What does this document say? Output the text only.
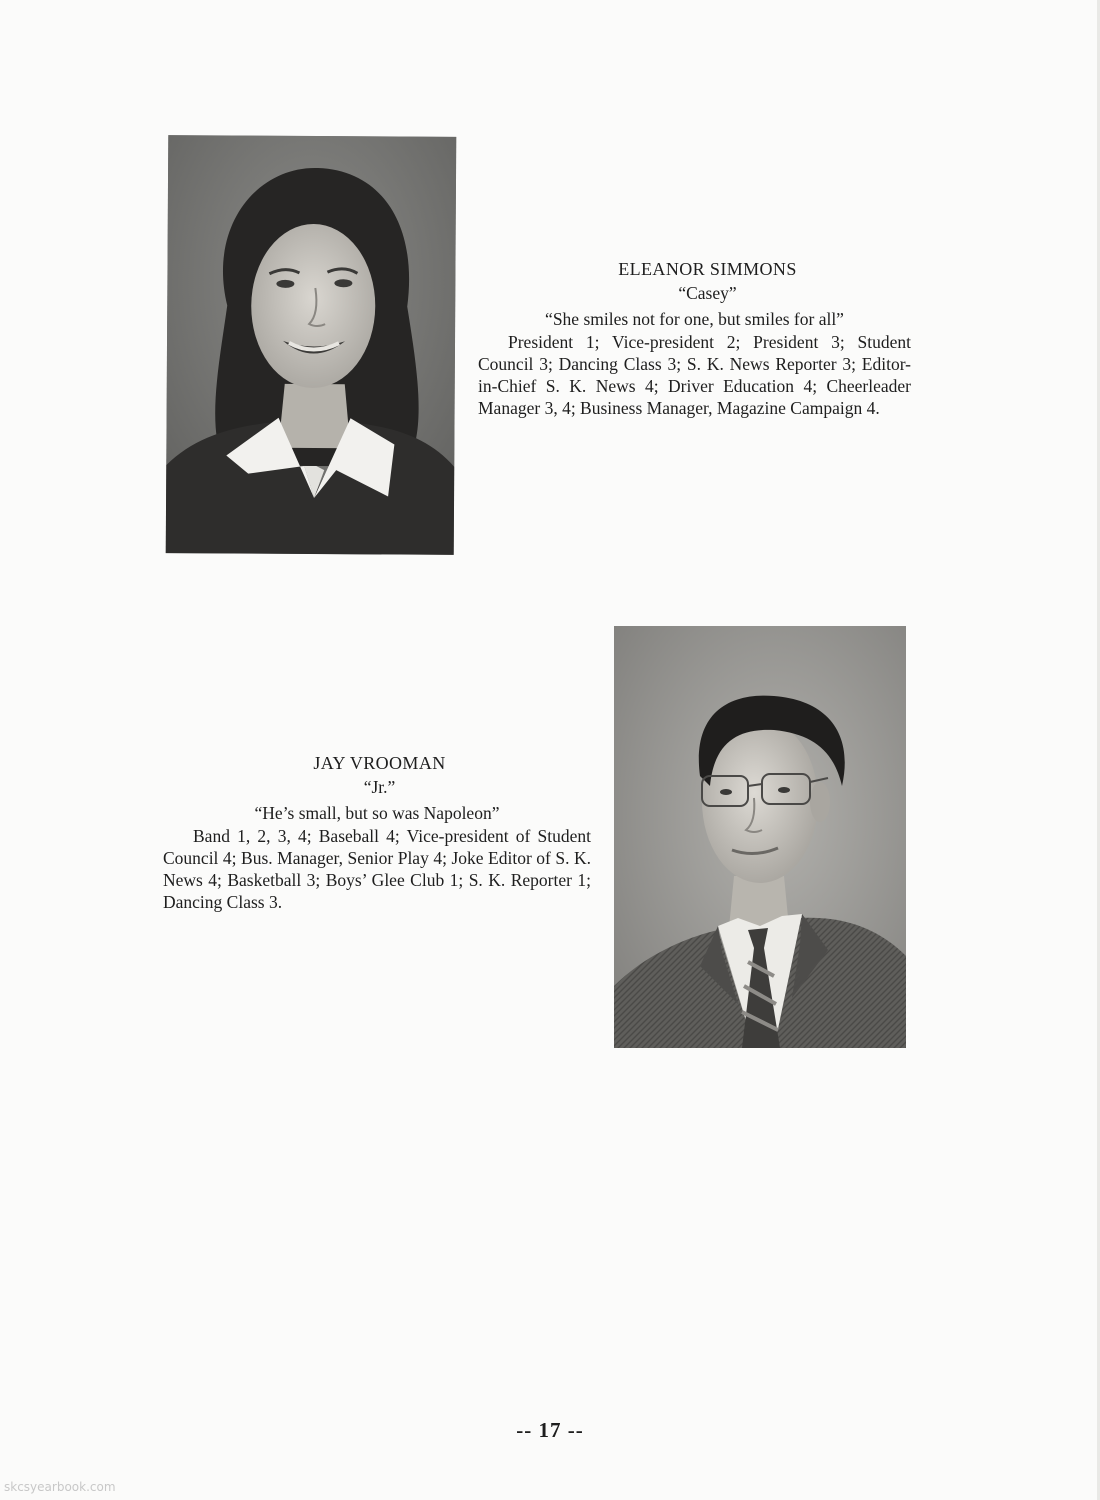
ELEANOR SIMMONS
“Casey”
“She smiles not for one, but smiles for all”
President 1; Vice-president 2; President 3; Student Council 3; Dancing Class 3; S. K. News Reporter 3; Editor-in-Chief S. K. News 4; Driver Education 4; Cheerleader Manager 3, 4; Business Manager, Magazine Campaign 4.
JAY VROOMAN
“Jr.”
“He’s small, but so was Napoleon”
Band 1, 2, 3, 4; Baseball 4; Vice-president of Student Council 4; Bus. Manager, Senior Play 4; Joke Editor of S. K. News 4; Basketball 3; Boys’ Glee Club 1; S. K. Reporter 1; Dancing Class 3.
-- 17 --
skcsyearbook.com
